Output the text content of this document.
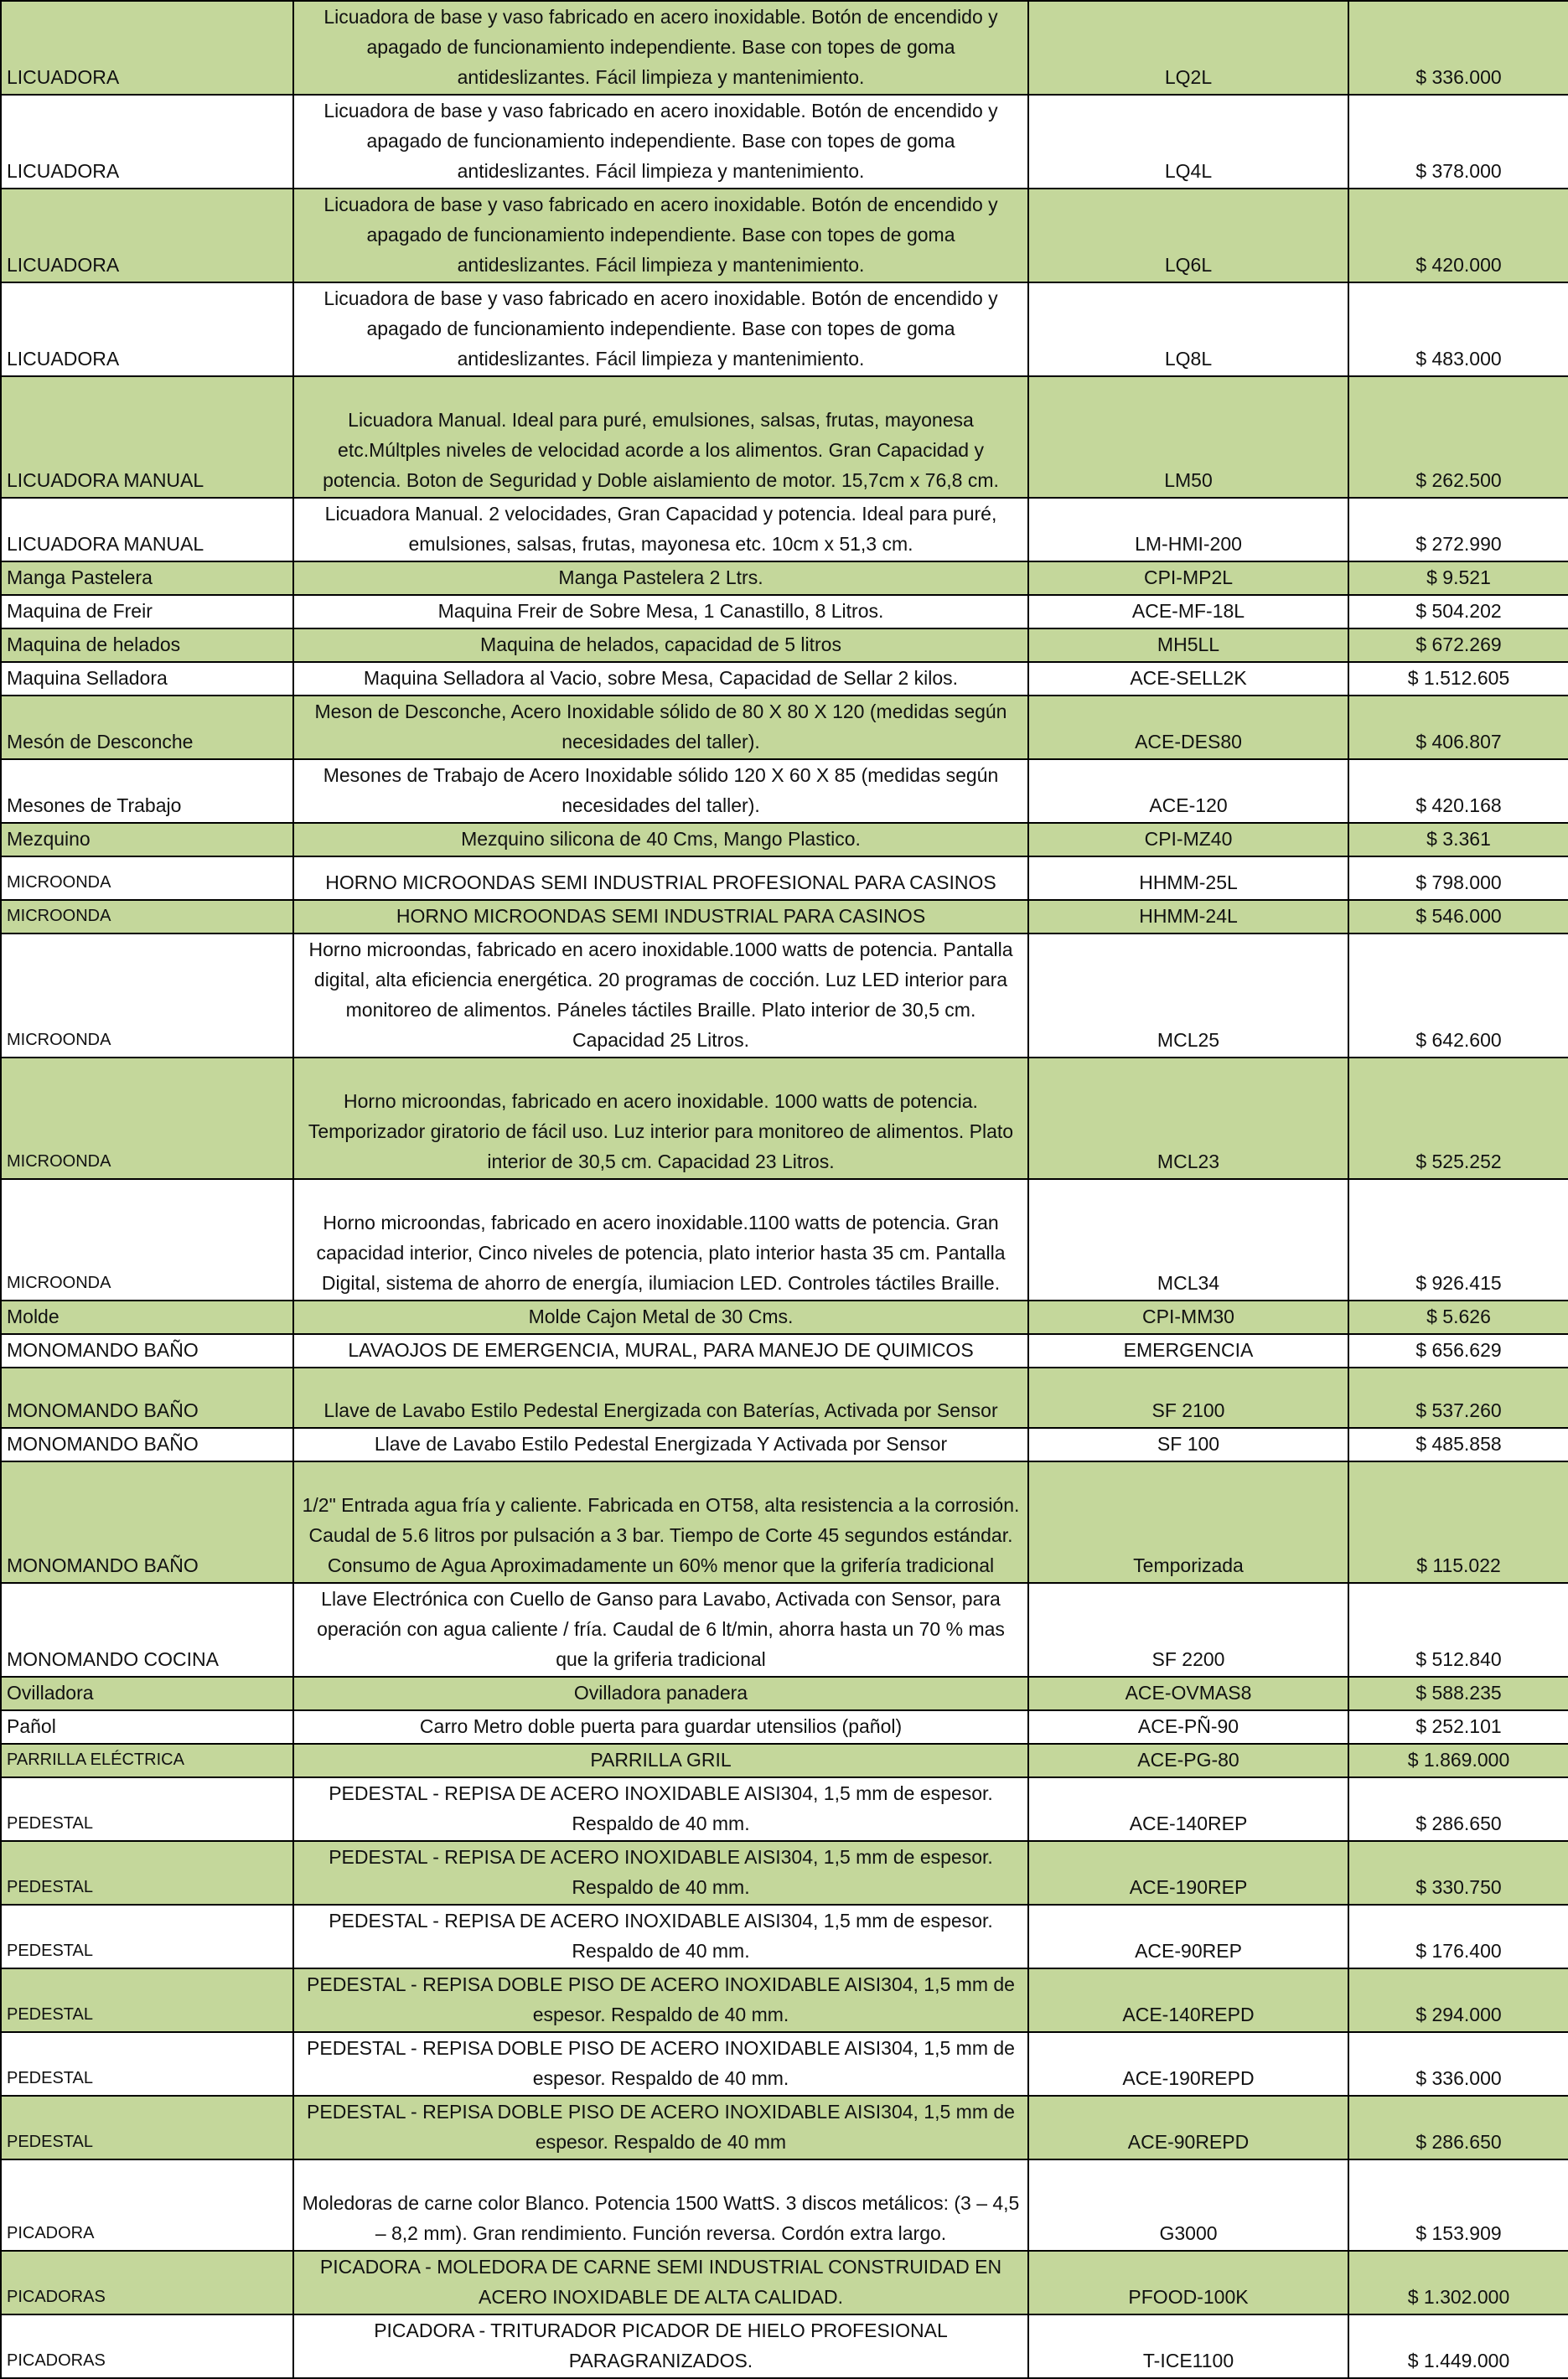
LICUADORA	Licuadora de base y vaso fabricado en acero inoxidable. Botón de encendido y apagado de funcionamiento independiente. Base con topes de goma antideslizantes. Fácil limpieza y mantenimiento.	LQ2L	$ 336.000
LICUADORA	Licuadora de base y vaso fabricado en acero inoxidable. Botón de encendido y apagado de funcionamiento independiente. Base con topes de goma antideslizantes. Fácil limpieza y mantenimiento.	LQ4L	$ 378.000
LICUADORA	Licuadora de base y vaso fabricado en acero inoxidable. Botón de encendido y apagado de funcionamiento independiente. Base con topes de goma antideslizantes. Fácil limpieza y mantenimiento.	LQ6L	$ 420.000
LICUADORA	Licuadora de base y vaso fabricado en acero inoxidable. Botón de encendido y apagado de funcionamiento independiente. Base con topes de goma antideslizantes. Fácil limpieza y mantenimiento.	LQ8L	$ 483.000
LICUADORA MANUAL	Licuadora Manual. Ideal para puré, emulsiones, salsas, frutas, mayonesa etc.Múltples niveles de velocidad acorde a los alimentos. Gran Capacidad y potencia. Boton de Seguridad y Doble aislamiento de motor. 15,7cm x 76,8 cm.	LM50	$ 262.500
LICUADORA MANUAL	Licuadora Manual. 2 velocidades, Gran Capacidad y potencia. Ideal para puré, emulsiones, salsas, frutas, mayonesa etc. 10cm x 51,3 cm.	LM-HMI-200	$ 272.990
Manga Pastelera	Manga Pastelera 2 Ltrs.	CPI-MP2L	$ 9.521
Maquina de Freir	Maquina Freir de Sobre Mesa, 1 Canastillo, 8 Litros.	ACE-MF-18L	$ 504.202
Maquina de helados	Maquina de helados, capacidad de 5 litros	MH5LL	$ 672.269
Maquina Selladora	Maquina Selladora al Vacio, sobre Mesa, Capacidad de Sellar 2 kilos.	ACE-SELL2K	$ 1.512.605
Mesón de Desconche	Meson de Desconche, Acero Inoxidable sólido de 80 X 80 X 120 (medidas según necesidades del taller).	ACE-DES80	$ 406.807
Mesones de Trabajo	Mesones de Trabajo de Acero Inoxidable sólido 120 X 60 X 85 (medidas según necesidades del taller).	ACE-120	$ 420.168
Mezquino	Mezquino silicona de 40 Cms, Mango Plastico.	CPI-MZ40	$ 3.361
MICROONDA	HORNO MICROONDAS SEMI INDUSTRIAL PROFESIONAL PARA CASINOS	HHMM-25L	$ 798.000
MICROONDA	HORNO MICROONDAS SEMI INDUSTRIAL PARA CASINOS	HHMM-24L	$ 546.000
MICROONDA	Horno microondas, fabricado en acero inoxidable.1000 watts de potencia. Pantalla digital, alta eficiencia energética. 20 programas de cocción. Luz LED interior para monitoreo de alimentos. Páneles táctiles Braille. Plato interior de 30,5 cm. Capacidad 25 Litros.	MCL25	$ 642.600
MICROONDA	Horno microondas, fabricado en acero inoxidable. 1000 watts de potencia. Temporizador giratorio de fácil uso. Luz interior para monitoreo de alimentos. Plato interior de 30,5 cm. Capacidad 23 Litros.	MCL23	$ 525.252
MICROONDA	Horno microondas, fabricado en acero inoxidable.1100 watts de potencia. Gran capacidad interior, Cinco niveles de potencia, plato interior hasta 35 cm. Pantalla Digital, sistema de ahorro de energía, ilumiacion LED. Controles táctiles Braille.	MCL34	$ 926.415
Molde	Molde Cajon Metal de 30 Cms.	CPI-MM30	$ 5.626
MONOMANDO BAÑO	LAVAOJOS DE EMERGENCIA, MURAL, PARA MANEJO DE QUIMICOS	EMERGENCIA	$ 656.629
MONOMANDO BAÑO	Llave de Lavabo Estilo Pedestal Energizada con Baterías, Activada por Sensor	SF 2100	$ 537.260
MONOMANDO BAÑO	Llave de Lavabo Estilo Pedestal Energizada Y Activada por Sensor	SF 100	$ 485.858
MONOMANDO BAÑO	1/2" Entrada agua fría y caliente. Fabricada en OT58, alta resistencia a la corrosión. Caudal de 5.6 litros por pulsación a 3 bar. Tiempo de Corte 45 segundos estándar. Consumo de Agua Aproximadamente un 60% menor que la grifería tradicional	Temporizada	$ 115.022
MONOMANDO COCINA	Llave Electrónica con Cuello de Ganso para Lavabo, Activada con Sensor, para operación con agua caliente / fría. Caudal de 6 lt/min, ahorra hasta un 70 % mas que la griferia tradicional	SF 2200	$ 512.840
Ovilladora	Ovilladora panadera	ACE-OVMAS8	$ 588.235
Pañol	Carro Metro doble puerta para guardar utensilios (pañol)	ACE-PÑ-90	$ 252.101
PARRILLA ELÉCTRICA	PARRILLA GRIL	ACE-PG-80	$ 1.869.000
PEDESTAL	PEDESTAL - REPISA DE ACERO INOXIDABLE AISI304, 1,5 mm de espesor. Respaldo de 40 mm.	ACE-140REP	$ 286.650
PEDESTAL	PEDESTAL - REPISA DE ACERO INOXIDABLE AISI304, 1,5 mm de espesor. Respaldo de 40 mm.	ACE-190REP	$ 330.750
PEDESTAL	PEDESTAL - REPISA DE ACERO INOXIDABLE AISI304, 1,5 mm de espesor. Respaldo de 40 mm.	ACE-90REP	$ 176.400
PEDESTAL	PEDESTAL - REPISA DOBLE PISO DE ACERO INOXIDABLE AISI304, 1,5 mm de espesor. Respaldo de 40 mm.	ACE-140REPD	$ 294.000
PEDESTAL	PEDESTAL - REPISA DOBLE PISO DE ACERO INOXIDABLE AISI304, 1,5 mm de espesor. Respaldo de 40 mm.	ACE-190REPD	$ 336.000
PEDESTAL	PEDESTAL - REPISA DOBLE PISO DE ACERO INOXIDABLE AISI304, 1,5 mm de espesor. Respaldo de 40 mm	ACE-90REPD	$ 286.650
PICADORA	Moledoras de carne color Blanco. Potencia 1500 WattS. 3 discos metálicos: (3 – 4,5 – 8,2 mm). Gran rendimiento. Función reversa. Cordón extra largo.	G3000	$ 153.909
PICADORAS	PICADORA - MOLEDORA DE CARNE SEMI INDUSTRIAL CONSTRUIDAD EN ACERO INOXIDABLE DE ALTA CALIDAD.	PFOOD-100K	$ 1.302.000
PICADORAS	PICADORA - TRITURADOR PICADOR DE HIELO PROFESIONAL PARAGRANIZADOS.	T-ICE1100	$ 1.449.000
